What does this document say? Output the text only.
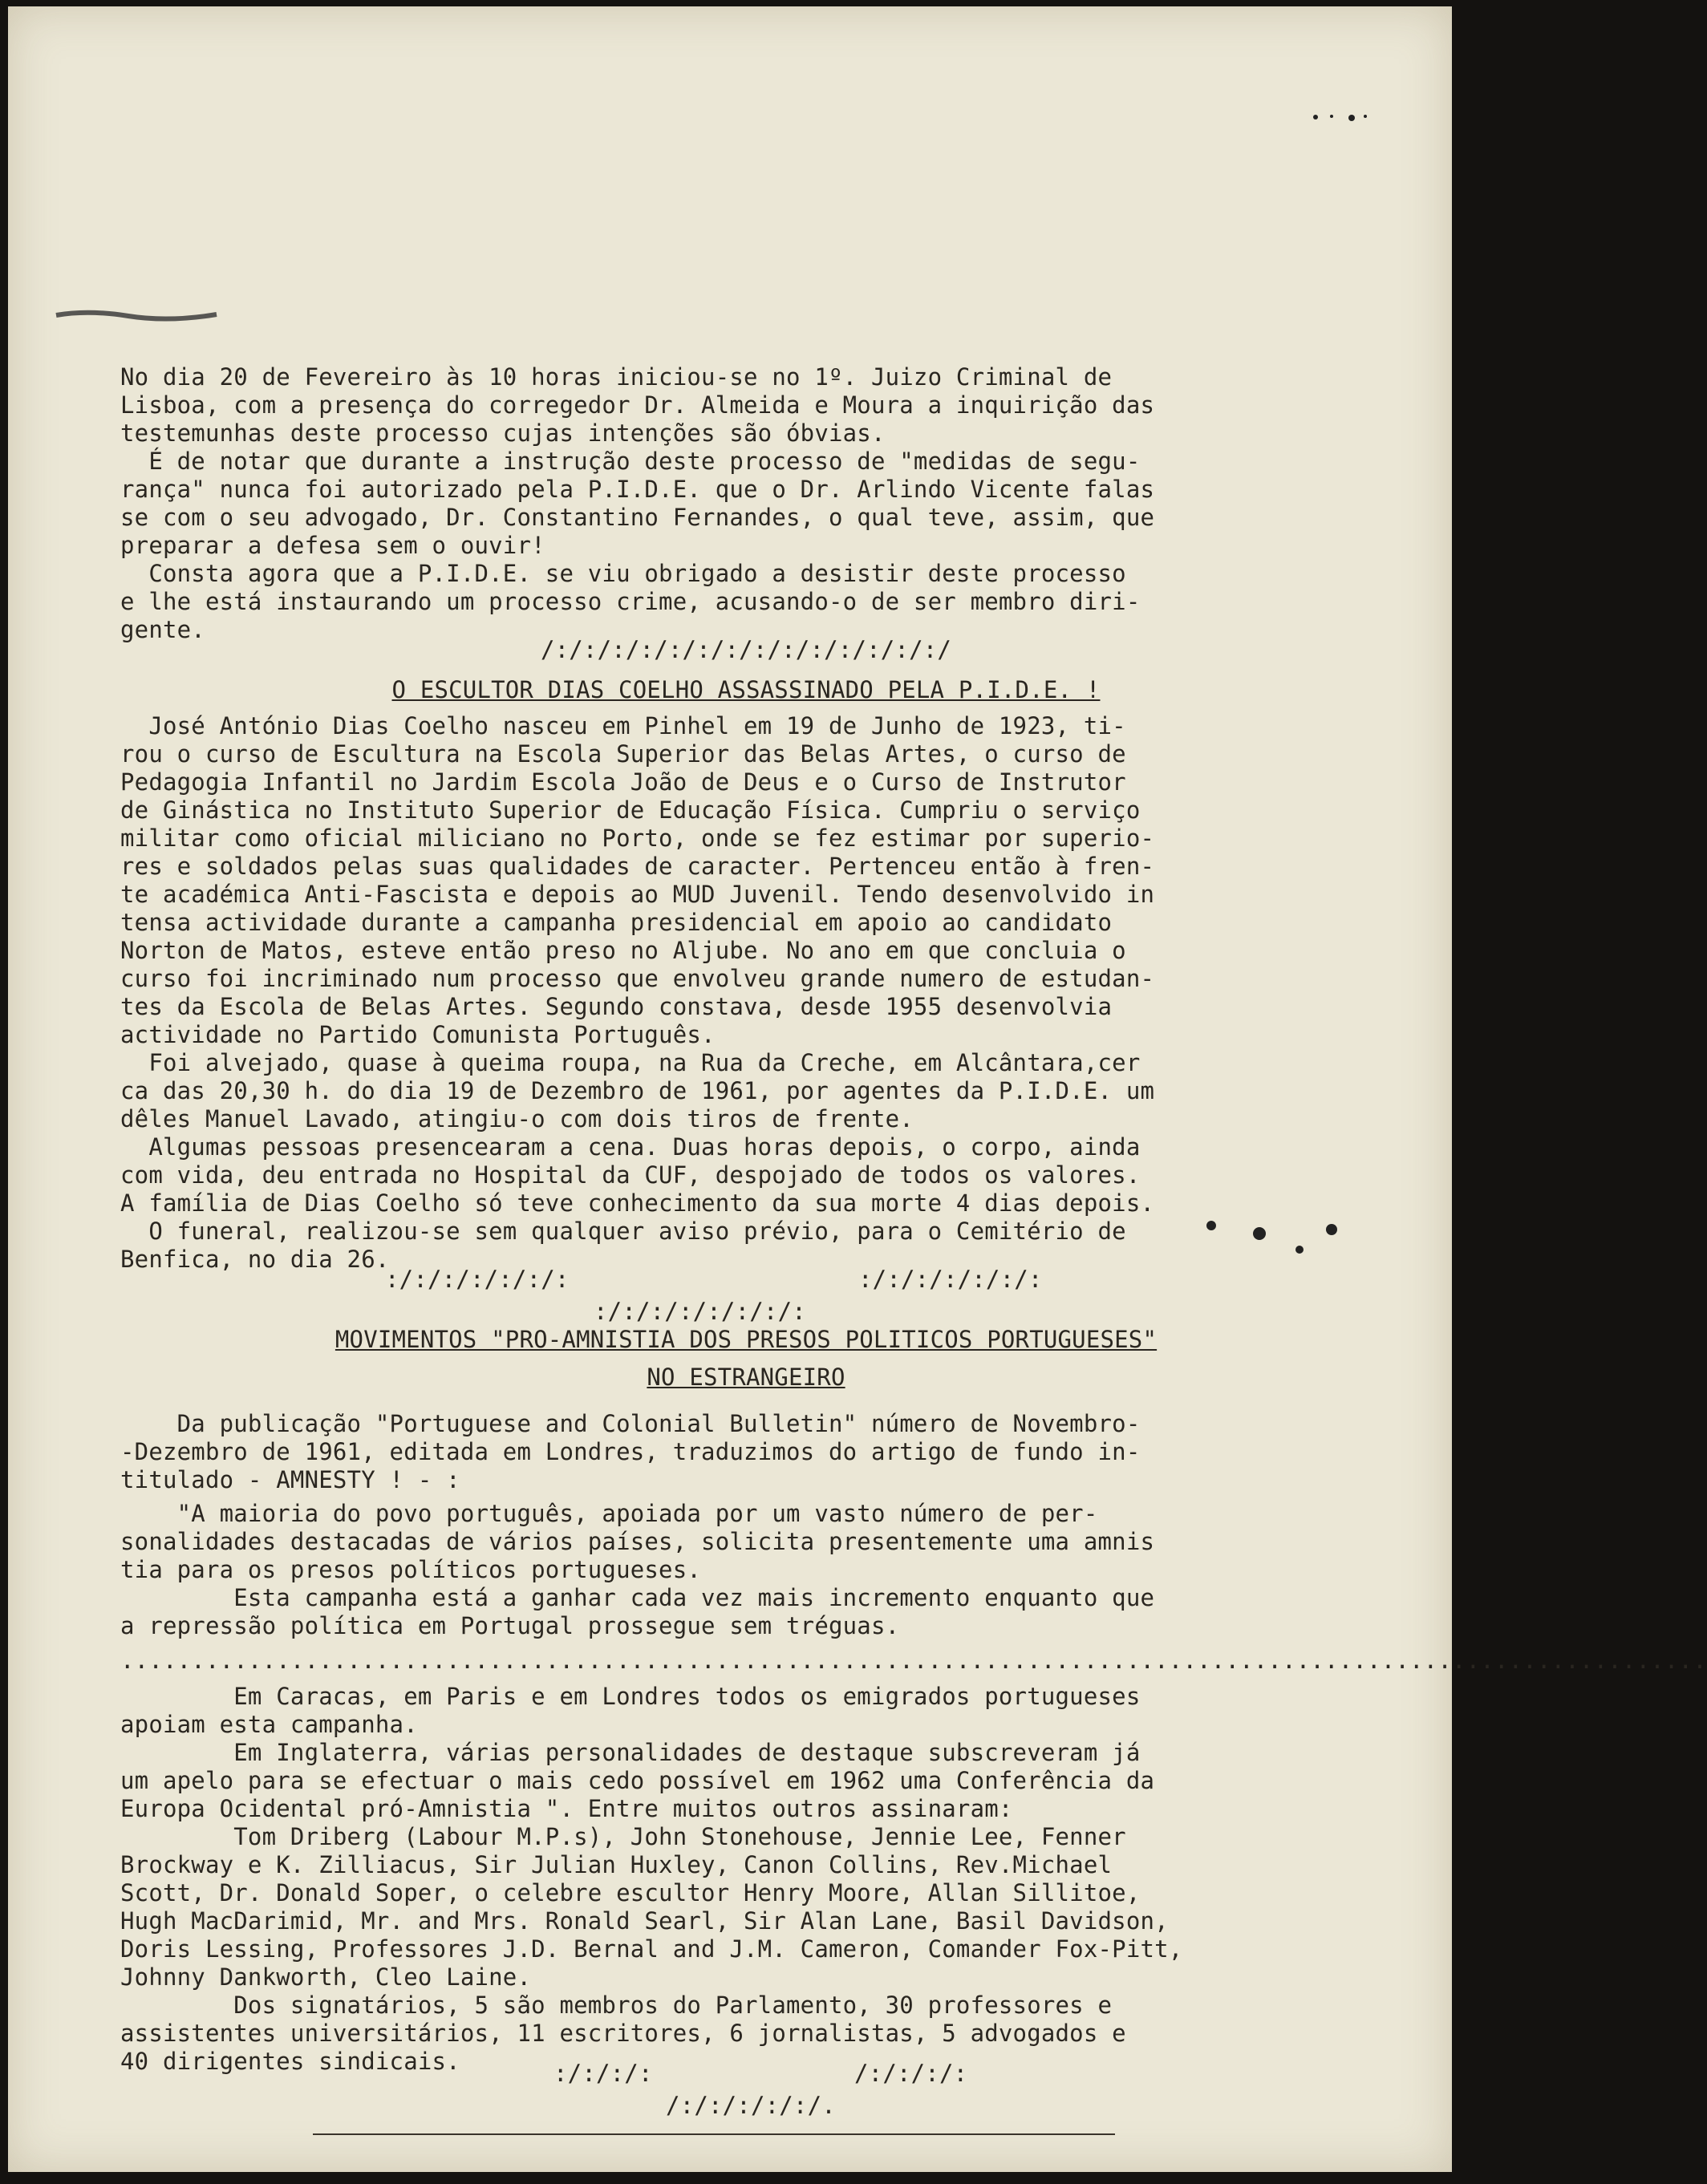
No dia 20 de Fevereiro às 10 horas iniciou-se no 1º. Juizo Criminal de
Lisboa, com a presença do corregedor Dr. Almeida e Moura a inquirição das
testemunhas deste processo cujas intenções são óbvias.
É de notar que durante a instrução deste processo de "medidas de segu-
rança" nunca foi autorizado pela P.I.D.E. que o Dr. Arlindo Vicente falas
se com o seu advogado, Dr. Constantino Fernandes, o qual teve, assim, que
preparar a defesa sem o ouvir!
Consta agora que a P.I.D.E. se viu obrigado a desistir deste processo
e lhe está instaurando um processo crime, acusando-o de ser membro diri-
gente.
/:/:/:/:/:/:/:/:/:/:/:/:/:/:/
O ESCULTOR DIAS COELHO ASSASSINADO PELA P.I.D.E. !
José António Dias Coelho nasceu em Pinhel em 19 de Junho de 1923, ti-
rou o curso de Escultura na Escola Superior das Belas Artes, o curso de
Pedagogia Infantil no Jardim Escola João de Deus e o Curso de Instrutor
de Ginástica no Instituto Superior de Educação Física. Cumpriu o serviço
militar como oficial miliciano no Porto, onde se fez estimar por superio-
res e soldados pelas suas qualidades de caracter. Pertenceu então à fren-
te académica Anti-Fascista e depois ao MUD Juvenil. Tendo desenvolvido in
tensa actividade durante a campanha presidencial em apoio ao candidato
Norton de Matos, esteve então preso no Aljube. No ano em que concluia o
curso foi incriminado num processo que envolveu grande numero de estudan-
tes da Escola de Belas Artes. Segundo constava, desde 1955 desenvolvia
actividade no Partido Comunista Português.
Foi alvejado, quase à queima roupa, na Rua da Creche, em Alcântara,cer
ca das 20,30 h. do dia 19 de Dezembro de 1961, por agentes da P.I.D.E. um
dêles Manuel Lavado, atingiu-o com dois tiros de frente.
Algumas pessoas presencearam a cena. Duas horas depois, o corpo, ainda
com vida, deu entrada no Hospital da CUF, despojado de todos os valores.
A família de Dias Coelho só teve conhecimento da sua morte 4 dias depois.
O funeral, realizou-se sem qualquer aviso prévio, para o Cemitério de
Benfica, no dia 26.
:/:/:/:/:/:/:	:/:/:/:/:/:/:
:/:/:/:/:/:/:/:
MOVIMENTOS "PRO-AMNISTIA DOS PRESOS POLITICOS PORTUGUESES"
NO ESTRANGEIRO
Da publicação "Portuguese and Colonial Bulletin" número de Novembro-
-Dezembro de 1961, editada em Londres, traduzimos do artigo de fundo in-
titulado - AMNESTY ! - :
"A maioria do povo português, apoiada por um vasto número de per-
sonalidades destacadas de vários países, solicita presentemente uma amnis
tia para os presos políticos portugueses.
Esta campanha está a ganhar cada vez mais incremento enquanto que
a repressão política em Portugal prossegue sem tréguas.
................................................................................................................
Em Caracas, em Paris e em Londres todos os emigrados portugueses
apoiam esta campanha.
Em Inglaterra, várias personalidades de destaque subscreveram já
um apelo para se efectuar o mais cedo possível em 1962 uma Conferência da
Europa Ocidental pró-Amnistia ". Entre muitos outros assinaram:
Tom Driberg (Labour M.P.s), John Stonehouse, Jennie Lee, Fenner
Brockway e K. Zilliacus, Sir Julian Huxley, Canon Collins, Rev.Michael
Scott, Dr. Donald Soper, o celebre escultor Henry Moore, Allan Sillitoe,
Hugh MacDarimid, Mr. and Mrs. Ronald Searl, Sir Alan Lane, Basil Davidson,
Doris Lessing, Professores J.D. Bernal and J.M. Cameron, Comander Fox-Pitt,
Johnny Dankworth, Cleo Laine.
Dos signatários, 5 são membros do Parlamento, 30 professores e
assistentes universitários, 11 escritores, 6 jornalistas, 5 advogados e
40 dirigentes sindicais.	:/:/:/:	/:/:/:/:
/:/:/:/:/:/.
